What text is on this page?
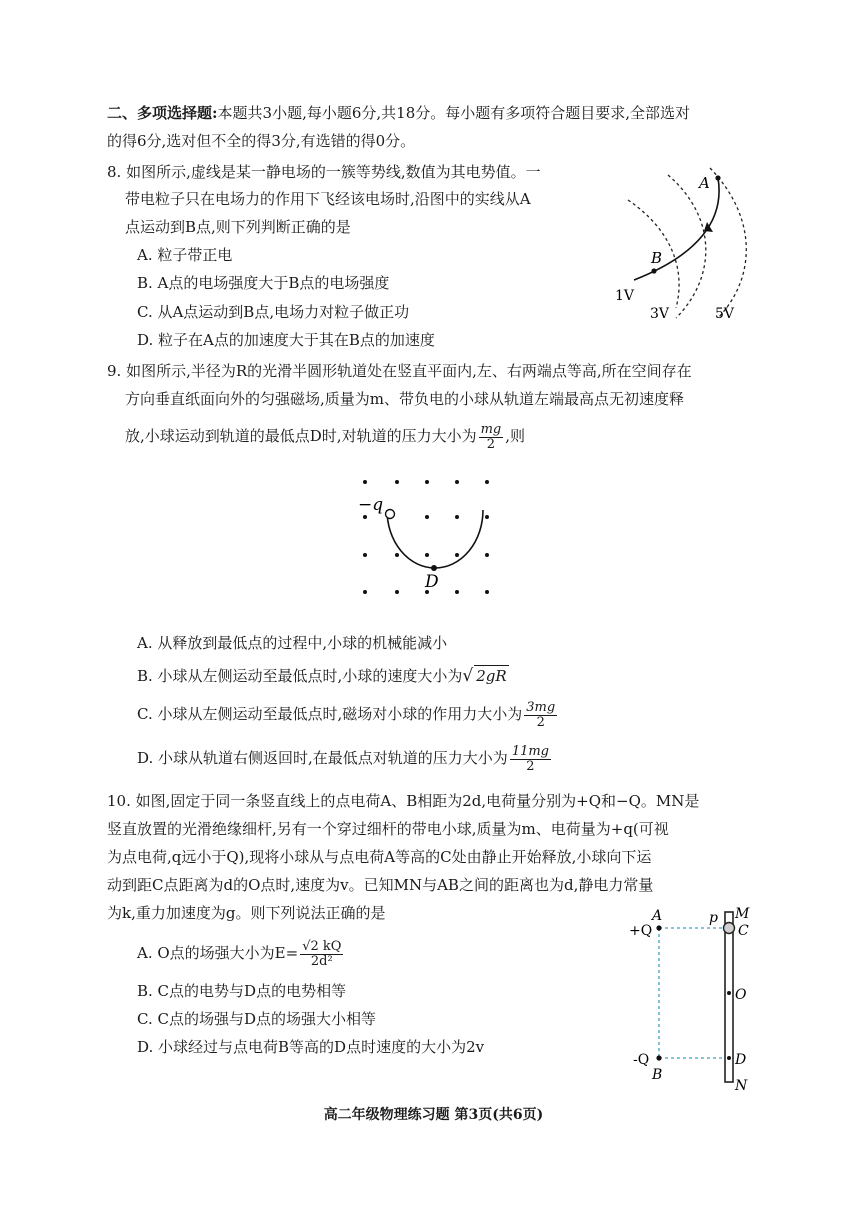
二、多项选择题:本题共3小题,每小题6分,共18分。每小题有多项符合题目要求,全部选对
的得6分,选对但不全的得3分,有选错的得0分。
8. 如图所示,虚线是某一静电场的一簇等势线,数值为其电势值。一
带电粒子只在电场力的作用下飞经该电场时,沿图中的实线从A
点运动到B点,则下列判断正确的是
A. 粒子带正电
B. A点的电场强度大于B点的电场强度
C. 从A点运动到B点,电场力对粒子做正功
D. 粒子在A点的加速度大于其在B点的加速度
A
B
1V
3V	5V
9. 如图所示,半径为R的光滑半圆形轨道处在竖直平面内,左、右两端点等高,所在空间存在
方向垂直纸面向外的匀强磁场,质量为m、带负电的小球从轨道左端最高点无初速度释
放,小球运动到轨道的最低点D时,对轨道的压力大小为 $\frac{mg}{2}$ ,则
−q
D
A. 从释放到最低点的过程中,小球的机械能减小
B. 小球从左侧运动至最低点时,小球的速度大小为√ 2gR
C. 小球从左侧运动至最低点时,磁场对小球的作用力大小为 $\frac{3mg}{2}$
D. 小球从轨道右侧返回时,在最低点对轨道的压力大小为 $\frac{11mg}{2}$
10. 如图,固定于同一条竖直线上的点电荷A、B相距为2d,电荷量分别为+Q和−Q。MN是
竖直放置的光滑绝缘细杆,另有一个穿过细杆的带电小球,质量为m、电荷量为+q(可视
为点电荷,q远小于Q),现将小球从与点电荷A等高的C处由静止开始释放,小球向下运
动到距C点距离为d的O点时,速度为v。已知MN与AB之间的距离也为d,静电力常量
为k,重力加速度为g。则下列说法正确的是
A. O点的场强大小为$E= \frac{√2 kQ}{\text{2d²}}$
B. C点的电势与D点的电势相等
C. C点的场强与D点的场强大小相等
D. 小球经过与点电荷B等高的D点时速度的大小为2v
A
+Q
-Q
B
p M
C
O
D
N
高二年级物理练习题 第3页(共6页)
